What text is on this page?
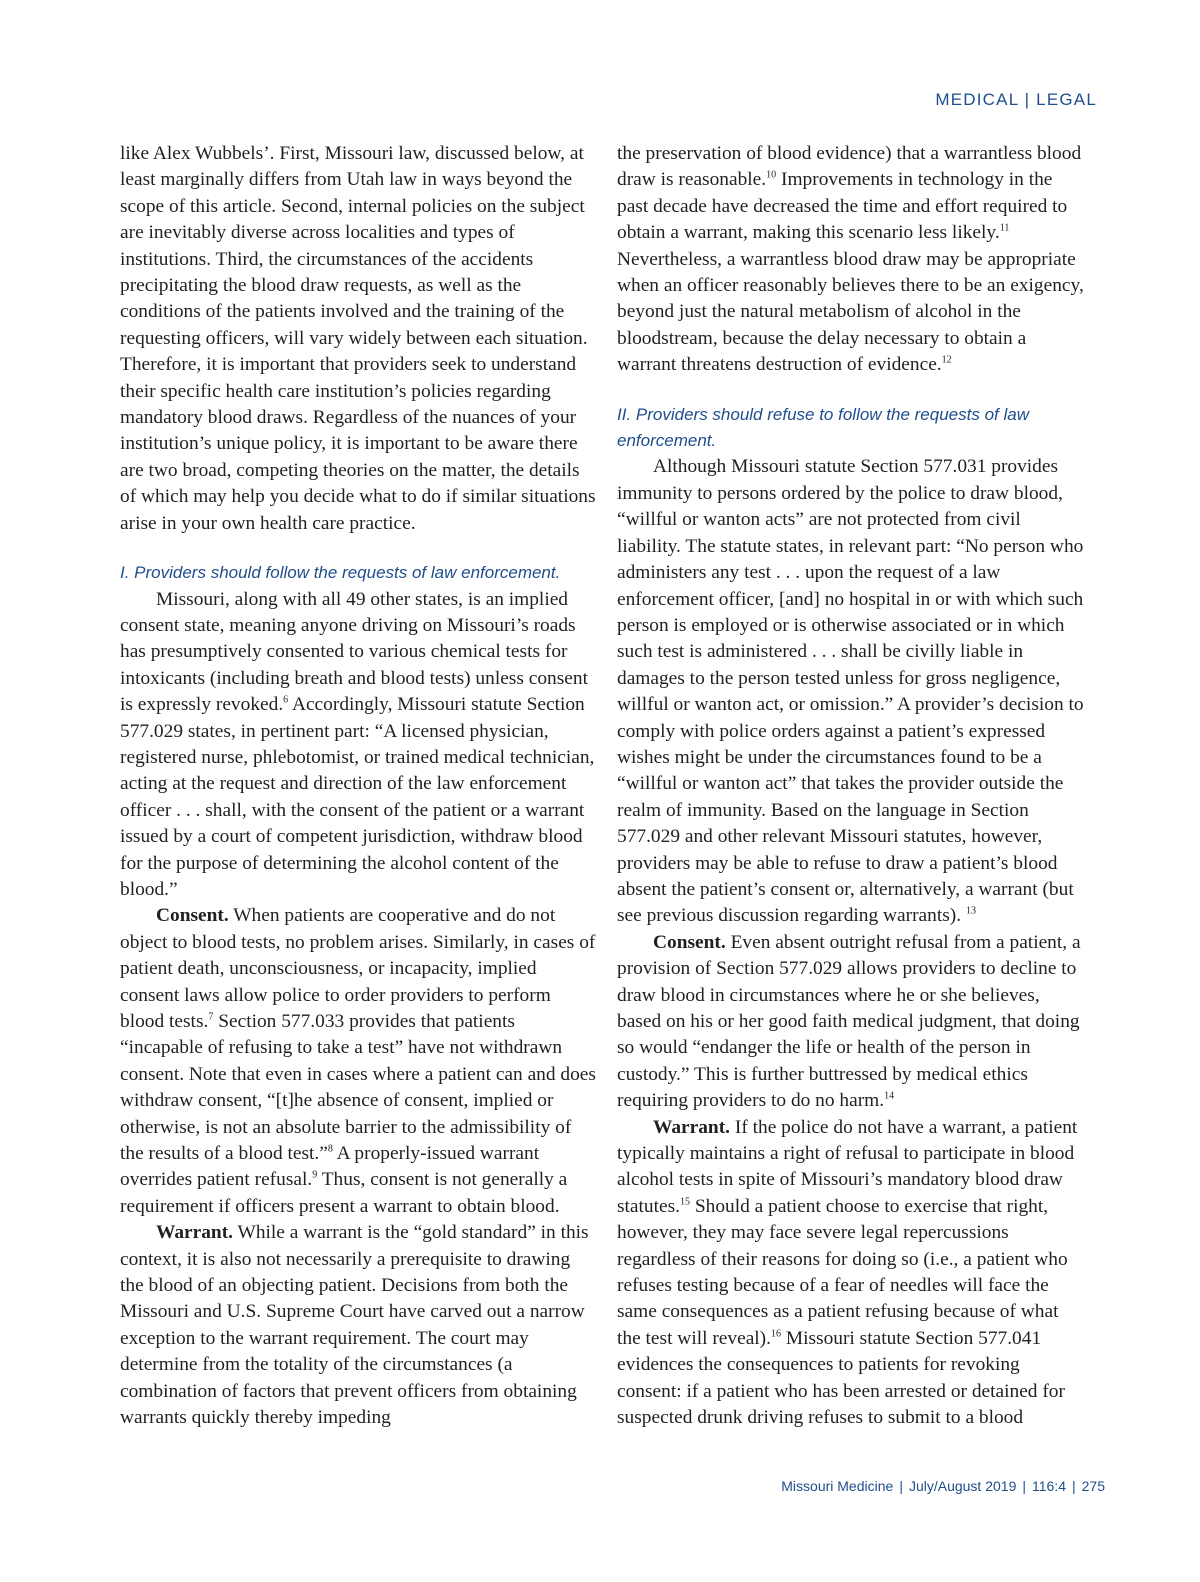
MEDICAL | LEGAL

like Alex Wubbels’. First, Missouri law, discussed below, at least marginally differs from Utah law in ways beyond the scope of this article. Second, internal policies on the subject are inevitably diverse across localities and types of institutions. Third, the circumstances of the accidents precipitating the blood draw requests, as well as the conditions of the patients involved and the training of the requesting officers, will vary widely between each situation. Therefore, it is important that providers seek to understand their specific health care institution’s policies regarding mandatory blood draws. Regardless of the nuances of your institution’s unique policy, it is important to be aware there are two broad, competing theories on the matter, the details of which may help you decide what to do if similar situations arise in your own health care practice.

I. Providers should follow the requests of law enforcement.

Missouri, along with all 49 other states, is an implied consent state, meaning anyone driving on Missouri’s roads has presumptively consented to various chemical tests for intoxicants (including breath and blood tests) unless consent is expressly revoked.$^6$ Accordingly, Missouri statute Section 577.029 states, in pertinent part: “A licensed physician, registered nurse, phlebotomist, or trained medical technician, acting at the request and direction of the law enforcement officer . . . shall, with the consent of the patient or a warrant issued by a court of competent jurisdiction, withdraw blood for the purpose of determining the alcohol content of the blood.”

Consent. When patients are cooperative and do not object to blood tests, no problem arises. Similarly, in cases of patient death, unconsciousness, or incapacity, implied consent laws allow police to order providers to perform blood tests.$^7$ Section 577.033 provides that patients “incapable of refusing to take a test” have not withdrawn consent. Note that even in cases where a patient can and does withdraw consent, “[t]he absence of consent, implied or otherwise, is not an absolute barrier to the admissibility of the results of a blood test.”$^8$ A properly-issued warrant overrides patient refusal.$^9$ Thus, consent is not generally a requirement if officers present a warrant to obtain blood.

Warrant. While a warrant is the “gold standard” in this context, it is also not necessarily a prerequisite to drawing the blood of an objecting patient. Decisions from both the Missouri and U.S. Supreme Court have carved out a narrow exception to the warrant requirement. The court may determine from the totality of the circumstances (a combination of factors that prevent officers from obtaining warrants quickly thereby impeding

the preservation of blood evidence) that a warrantless blood draw is reasonable.$^{10}$ Improvements in technology in the past decade have decreased the time and effort required to obtain a warrant, making this scenario less likely.$^{11}$ Nevertheless, a warrantless blood draw may be appropriate when an officer reasonably believes there to be an exigency, beyond just the natural metabolism of alcohol in the bloodstream, because the delay necessary to obtain a warrant threatens destruction of evidence.$^{12}$

II. Providers should refuse to follow the requests of law enforcement.

Although Missouri statute Section 577.031 provides immunity to persons ordered by the police to draw blood, “willful or wanton acts” are not protected from civil liability. The statute states, in relevant part: “No person who administers any test . . . upon the request of a law enforcement officer, [and] no hospital in or with which such person is employed or is otherwise associated or in which such test is administered . . . shall be civilly liable in damages to the person tested unless for gross negligence, willful or wanton act, or omission.” A provider’s decision to comply with police orders against a patient’s expressed wishes might be under the circumstances found to be a “willful or wanton act” that takes the provider outside the realm of immunity. Based on the language in Section 577.029 and other relevant Missouri statutes, however, providers may be able to refuse to draw a patient’s blood absent the patient’s consent or, alternatively, a warrant (but see previous discussion regarding warrants). $^{13}$

Consent. Even absent outright refusal from a patient, a provision of Section 577.029 allows providers to decline to draw blood in circumstances where he or she believes, based on his or her good faith medical judgment, that doing so would “endanger the life or health of the person in custody.” This is further buttressed by medical ethics requiring providers to do no harm.$^{14}$

Warrant. If the police do not have a warrant, a patient typically maintains a right of refusal to participate in blood alcohol tests in spite of Missouri’s mandatory blood draw statutes.$^{15}$ Should a patient choose to exercise that right, however, they may face severe legal repercussions regardless of their reasons for doing so (i.e., a patient who refuses testing because of a fear of needles will face the same consequences as a patient refusing because of what the test will reveal).$^{16}$ Missouri statute Section 577.041 evidences the consequences to patients for revoking consent: if a patient who has been arrested or detained for suspected drunk driving refuses to submit to a blood

Missouri Medicine | July/August 2019 | 116:4 | 275
